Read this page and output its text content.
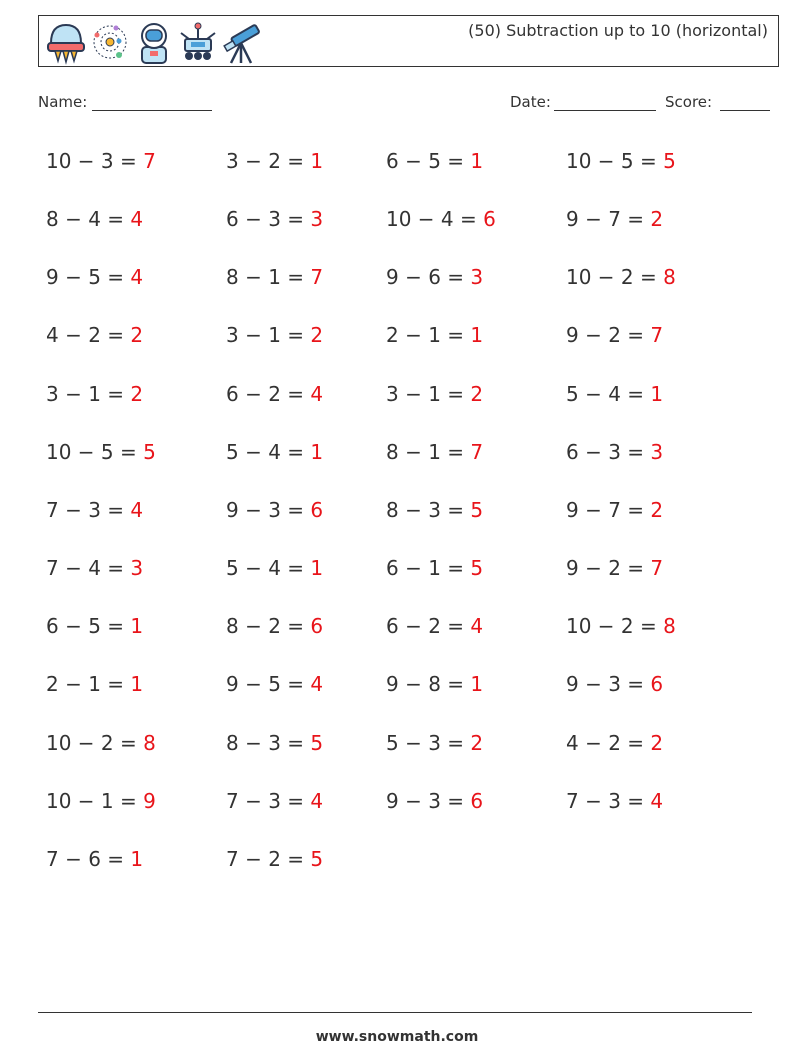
(50) Subtraction up to 10 (horizontal)
Name:	Date:	Score:
10 − 3 = 7	3 − 2 = 1	6 − 5 = 1	10 − 5 = 5
8 − 4 = 4	6 − 3 = 3	10 − 4 = 6	9 − 7 = 2
9 − 5 = 4	8 − 1 = 7	9 − 6 = 3	10 − 2 = 8
4 − 2 = 2	3 − 1 = 2	2 − 1 = 1	9 − 2 = 7
3 − 1 = 2	6 − 2 = 4	3 − 1 = 2	5 − 4 = 1
10 − 5 = 5	5 − 4 = 1	8 − 1 = 7	6 − 3 = 3
7 − 3 = 4	9 − 3 = 6	8 − 3 = 5	9 − 7 = 2
7 − 4 = 3	5 − 4 = 1	6 − 1 = 5	9 − 2 = 7
6 − 5 = 1	8 − 2 = 6	6 − 2 = 4	10 − 2 = 8
2 − 1 = 1	9 − 5 = 4	9 − 8 = 1	9 − 3 = 6
10 − 2 = 8	8 − 3 = 5	5 − 3 = 2	4 − 2 = 2
10 − 1 = 9	7 − 3 = 4	9 − 3 = 6	7 − 3 = 4
7 − 6 = 1	7 − 2 = 5
www.snowmath.com
